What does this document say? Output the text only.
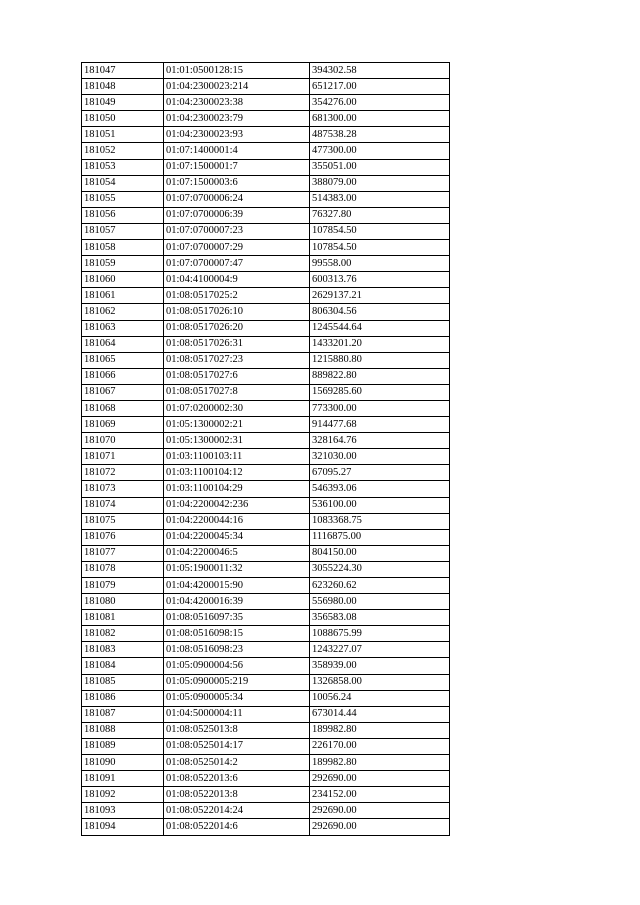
181047	01:01:0500128:15	394302.58
181048	01:04:2300023:214	651217.00
181049	01:04:2300023:38	354276.00
181050	01:04:2300023:79	681300.00
181051	01:04:2300023:93	487538.28
181052	01:07:1400001:4	477300.00
181053	01:07:1500001:7	355051.00
181054	01:07:1500003:6	388079.00
181055	01:07:0700006:24	514383.00
181056	01:07:0700006:39	76327.80
181057	01:07:0700007:23	107854.50
181058	01:07:0700007:29	107854.50
181059	01:07:0700007:47	99558.00
181060	01:04:4100004:9	600313.76
181061	01:08:0517025:2	2629137.21
181062	01:08:0517026:10	806304.56
181063	01:08:0517026:20	1245544.64
181064	01:08:0517026:31	1433201.20
181065	01:08:0517027:23	1215880.80
181066	01:08:0517027:6	889822.80
181067	01:08:0517027:8	1569285.60
181068	01:07:0200002:30	773300.00
181069	01:05:1300002:21	914477.68
181070	01:05:1300002:31	328164.76
181071	01:03:1100103:11	321030.00
181072	01:03:1100104:12	67095.27
181073	01:03:1100104:29	546393.06
181074	01:04:2200042:236	536100.00
181075	01:04:2200044:16	1083368.75
181076	01:04:2200045:34	1116875.00
181077	01:04:2200046:5	804150.00
181078	01:05:1900011:32	3055224.30
181079	01:04:4200015:90	623260.62
181080	01:04:4200016:39	556980.00
181081	01:08:0516097:35	356583.08
181082	01:08:0516098:15	1088675.99
181083	01:08:0516098:23	1243227.07
181084	01:05:0900004:56	358939.00
181085	01:05:0900005:219	1326858.00
181086	01:05:0900005:34	10056.24
181087	01:04:5000004:11	673014.44
181088	01:08:0525013:8	189982.80
181089	01:08:0525014:17	226170.00
181090	01:08:0525014:2	189982.80
181091	01:08:0522013:6	292690.00
181092	01:08:0522013:8	234152.00
181093	01:08:0522014:24	292690.00
181094	01:08:0522014:6	292690.00
